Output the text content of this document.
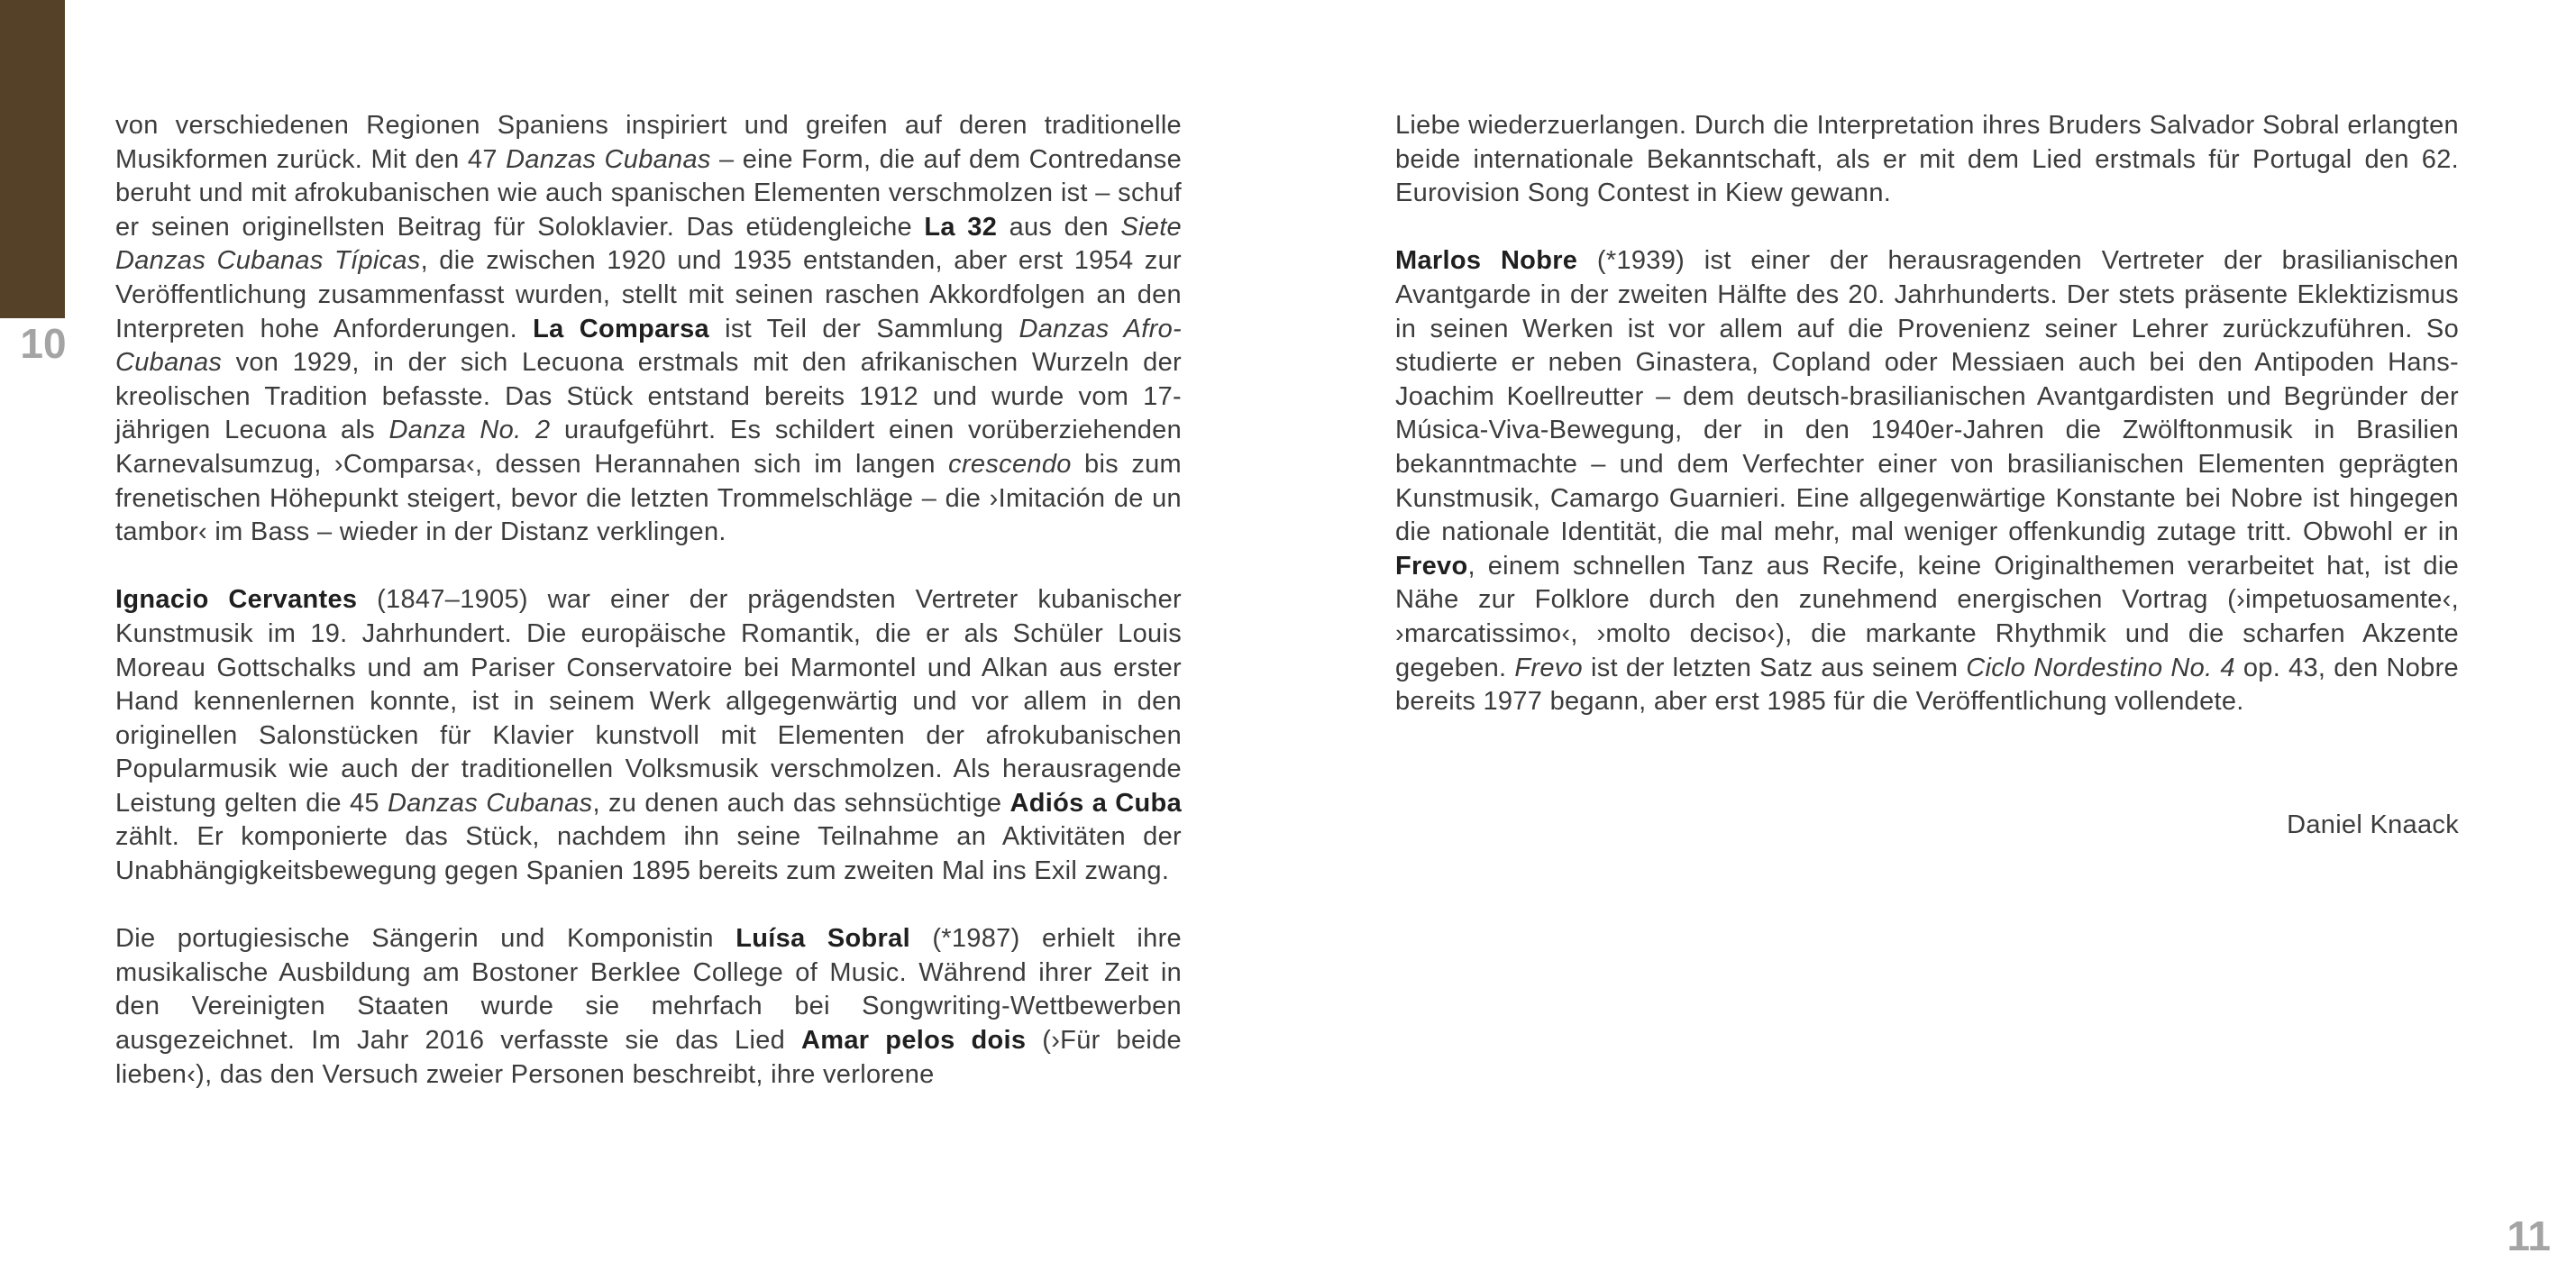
10

von verschiedenen Regionen Spaniens inspiriert und greifen auf deren traditionelle Musikformen zurück. Mit den 47 Danzas Cubanas – eine Form, die auf dem Contredanse beruht und mit afrokubanischen wie auch spanischen Elementen verschmolzen ist – schuf er seinen originellsten Beitrag für Soloklavier. Das etüdengleiche La 32 aus den Siete Danzas Cubanas Típicas, die zwischen 1920 und 1935 entstanden, aber erst 1954 zur Veröffentlichung zusammenfasst wurden, stellt mit seinen raschen Akkordfolgen an den Interpreten hohe Anforderungen. La Comparsa ist Teil der Sammlung Danzas Afro-Cubanas von 1929, in der sich Lecuona erstmals mit den afrikanischen Wurzeln der kreolischen Tradition befasste. Das Stück entstand bereits 1912 und wurde vom 17-jährigen Lecuona als Danza No. 2 uraufgeführt. Es schildert einen vorüberziehenden Karnevalsumzug, ›Comparsa‹, dessen Herannahen sich im langen crescendo bis zum frenetischen Höhepunkt steigert, bevor die letzten Trommelschläge – die ›Imitación de un tambor‹ im Bass – wieder in der Distanz verklingen.

Ignacio Cervantes (1847–1905) war einer der prägendsten Vertreter kubanischer Kunstmusik im 19. Jahrhundert. Die europäische Romantik, die er als Schüler Louis Moreau Gottschalks und am Pariser Conservatoire bei Marmontel und Alkan aus erster Hand kennenlernen konnte, ist in seinem Werk allgegenwärtig und vor allem in den originellen Salonstücken für Klavier kunstvoll mit Elementen der afrokubanischen Popularmusik wie auch der traditionellen Volksmusik verschmolzen. Als herausragende Leistung gelten die 45 Danzas Cubanas, zu denen auch das sehnsüchtige Adiós a Cuba zählt. Er komponierte das Stück, nachdem ihn seine Teilnahme an Aktivitäten der Unabhängigkeitsbewegung gegen Spanien 1895 bereits zum zweiten Mal ins Exil zwang.

Die portugiesische Sängerin und Komponistin Luísa Sobral (*1987) erhielt ihre musikalische Ausbildung am Bostoner Berklee College of Music. Während ihrer Zeit in den Vereinigten Staaten wurde sie mehrfach bei Songwriting-Wettbewerben ausgezeichnet. Im Jahr 2016 verfasste sie das Lied Amar pelos dois (›Für beide lieben‹), das den Versuch zweier Personen beschreibt, ihre verlorene

Liebe wiederzuerlangen. Durch die Interpretation ihres Bruders Salvador Sobral erlangten beide internationale Bekanntschaft, als er mit dem Lied erstmals für Portugal den 62. Eurovision Song Contest in Kiew gewann.

Marlos Nobre (*1939) ist einer der herausragenden Vertreter der brasilianischen Avantgarde in der zweiten Hälfte des 20. Jahrhunderts. Der stets präsente Eklektizismus in seinen Werken ist vor allem auf die Provenienz seiner Lehrer zurückzuführen. So studierte er neben Ginastera, Copland oder Messiaen auch bei den Antipoden Hans-Joachim Koellreutter – dem deutsch-brasilianischen Avantgardisten und Begründer der Música-Viva-Bewegung, der in den 1940er-Jahren die Zwölftonmusik in Brasilien bekanntmachte – und dem Verfechter einer von brasilianischen Elementen geprägten Kunstmusik, Camargo Guarnieri. Eine allgegenwärtige Konstante bei Nobre ist hingegen die nationale Identität, die mal mehr, mal weniger offenkundig zutage tritt. Obwohl er in Frevo, einem schnellen Tanz aus Recife, keine Originalthemen verarbeitet hat, ist die Nähe zur Folklore durch den zunehmend energischen Vortrag (›impetuosamente‹, ›marcatissimo‹, ›molto deciso‹), die markante Rhythmik und die scharfen Akzente gegeben. Frevo ist der letzten Satz aus seinem Ciclo Nordestino No. 4 op. 43, den Nobre bereits 1977 begann, aber erst 1985 für die Veröffentlichung vollendete.

Daniel Knaack
11
